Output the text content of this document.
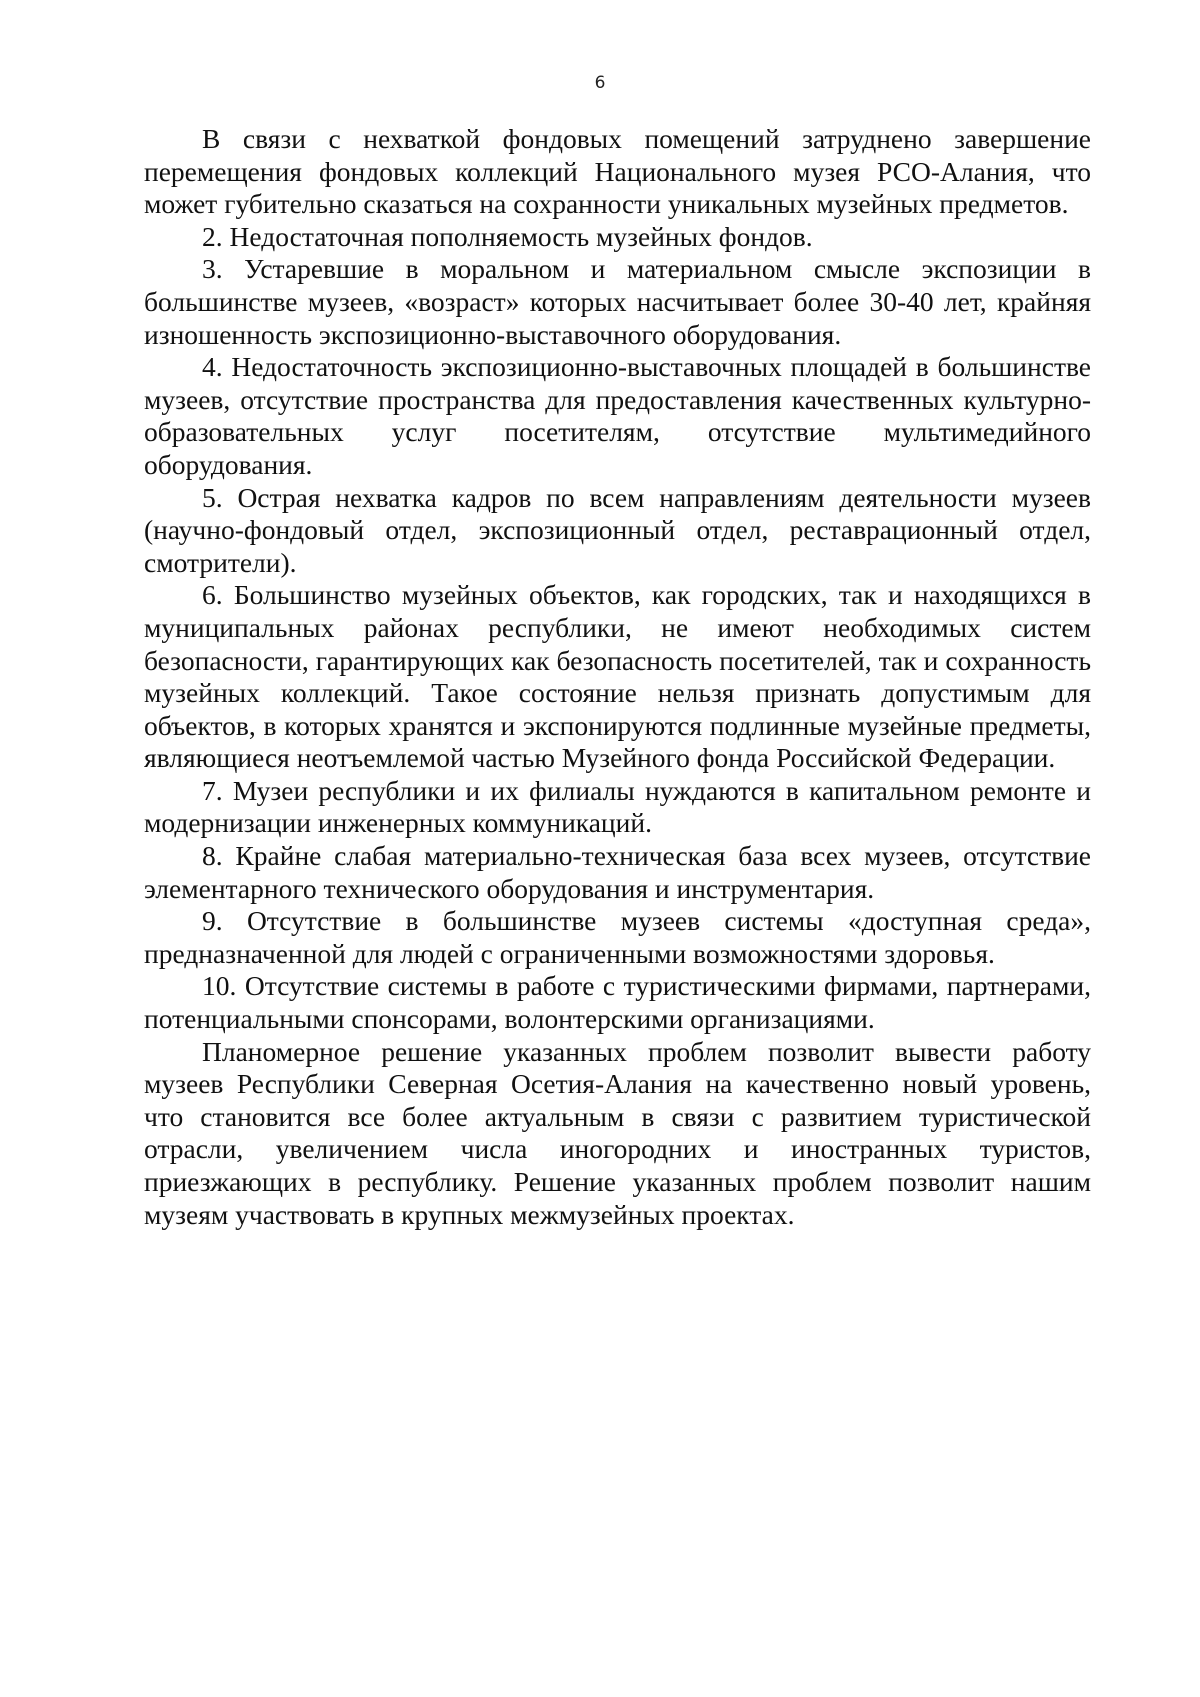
6

В связи с нехваткой фондовых помещений затруднено завершение перемещения фондовых коллекций Национального музея РСО-Алания, что может губительно сказаться на сохранности уникальных музейных предметов.

2. Недостаточная пополняемость музейных фондов.

3. Устаревшие в моральном и материальном смысле экспозиции в большинстве музеев, «возраст» которых насчитывает более 30-40 лет, крайняя изношенность экспозиционно-выставочного оборудования.

4. Недостаточность экспозиционно-выставочных площадей в большинстве музеев, отсутствие пространства для предоставления качественных культурно-образовательных услуг посетителям, отсутствие мультимедийного оборудования.

5. Острая нехватка кадров по всем направлениям деятельности музеев (научно-фондовый отдел, экспозиционный отдел, реставрационный отдел, смотрители).

6. Большинство музейных объектов, как городских, так и находящихся в муниципальных районах республики, не имеют необходимых систем безопасности, гарантирующих как безопасность посетителей, так и сохранность музейных коллекций. Такое состояние нельзя признать допустимым для объектов, в которых хранятся и экспонируются подлинные музейные предметы, являющиеся неотъемлемой частью Музейного фонда Российской Федерации.

7. Музеи республики и их филиалы нуждаются в капитальном ремонте и модернизации инженерных коммуникаций.

8. Крайне слабая материально-техническая база всех музеев, отсутствие элементарного технического оборудования и инструментария.

9. Отсутствие в большинстве музеев системы «доступная среда», предназначенной для людей с ограниченными возможностями здоровья.

10. Отсутствие системы в работе с туристическими фирмами, партнерами, потенциальными спонсорами, волонтерскими организациями.

Планомерное решение указанных проблем позволит вывести работу музеев Республики Северная Осетия-Алания на качественно новый уровень, что становится все более актуальным в связи с развитием туристической отрасли, увеличением числа иногородних и иностранных туристов, приезжающих в республику. Решение указанных проблем позволит нашим музеям участвовать в крупных межмузейных проектах.
